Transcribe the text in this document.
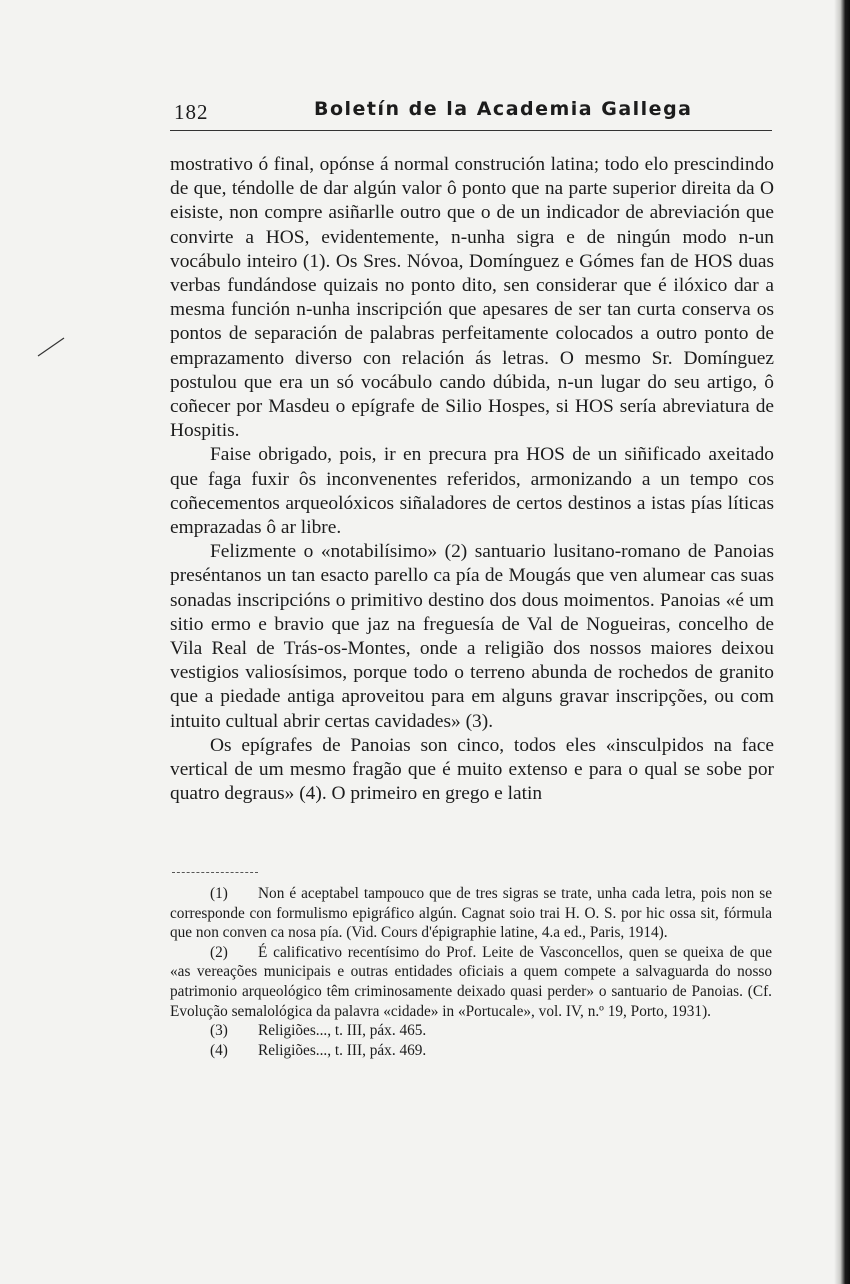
182	Boletín de la Academia Gallega

mostrativo ó final, opónse á normal construción latina; todo elo prescindindo de que, téndolle de dar algún valor ô ponto que na parte superior direita da O eisiste, non compre asiñarlle outro que o de un indicador de abreviación que convirte a HOS, evidentemente, n-unha sigra e de ningún modo n-un vocábulo inteiro (1). Os Sres. Nóvoa, Domínguez e Gómes fan de HOS duas verbas fundándose quizais no ponto dito, sen considerar que é ilóxico dar a mesma función n-unha inscripción que apesares de ser tan curta conserva os pontos de separación de palabras perfeitamente colocados a outro ponto de emprazamento diverso con relación ás letras. O mesmo Sr. Domínguez postulou que era un só vocábulo cando dúbida, n-un lugar do seu artigo, ô coñecer por Masdeu o epígrafe de Silio Hospes, si HOS sería abreviatura de Hospitis.

Faise obrigado, pois, ir en precura pra HOS de un siñificado axeitado que faga fuxir ôs inconvenentes referidos, armonizando a un tempo cos coñecementos arqueolóxicos siñaladores de certos destinos a istas pías líticas emprazadas ô ar libre.

Felizmente o «notabilísimo» (2) santuario lusitano-romano de Panoias preséntanos un tan esacto parello ca pía de Mougás que ven alumear cas suas sonadas inscripcións o primitivo destino dos dous moimentos. Panoias «é um sitio ermo e bravio que jaz na freguesía de Val de Nogueiras, concelho de Vila Real de Trás-os-Montes, onde a religião dos nossos maiores deixou vestigios valiosísimos, porque todo o terreno abunda de rochedos de granito que a piedade antiga aproveitou para em alguns gravar inscripções, ou com intuito cultual abrir certas cavidades» (3).

Os epígrafes de Panoias son cinco, todos eles «insculpidos na face vertical de um mesmo fragão que é muito extenso e para o qual se sobe por quatro degraus» (4). O primeiro en grego e latin

(1) Non é aceptabel tampouco que de tres sigras se trate, unha cada letra, pois non se corresponde con formulismo epigráfico algún. Cagnat soio trai H. O. S. por hic ossa sit, fórmula que non conven ca nosa pía. (Vid. Cours d'épigraphie latine, 4.a ed., Paris, 1914).

(2) É calificativo recentísimo do Prof. Leite de Vasconcellos, quen se queixa de que «as vereações municipais e outras entidades oficiais a quem compete a salvaguarda do nosso patrimonio arqueológico têm criminosamente deixado quasi perder» o santuario de Panoias. (Cf. Evolução semalológica da palavra «cidade» in «Portucale», vol. IV, n.º 19, Porto, 1931).

(3) Religiões..., t. III, páx. 465.

(4) Religiões..., t. III, páx. 469.
